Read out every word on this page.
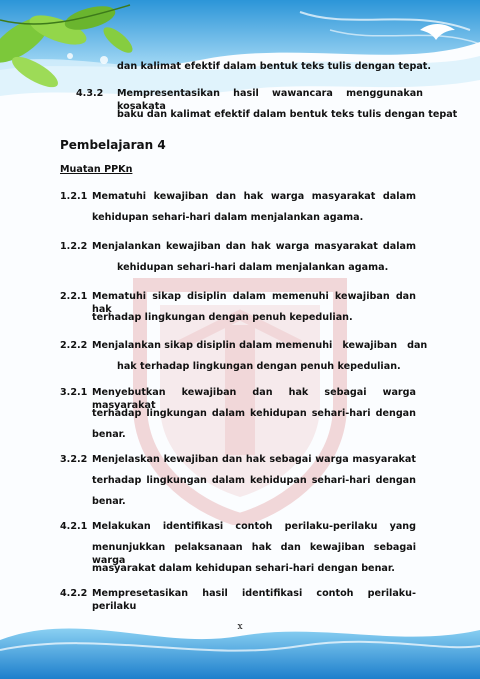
dan kalimat efektif dalam bentuk teks tulis dengan tepat.
4.3.2 Mempresentasikan hasil wawancara menggunakan kosakata
baku dan kalimat efektif dalam bentuk teks tulis dengan tepat
Pembelajaran 4
Muatan PPKn
1.2.1 Mematuhi kewajiban dan hak warga masyarakat dalam
kehidupan sehari-hari dalam menjalankan agama.
1.2.2 Menjalankan kewajiban dan hak warga masyarakat dalam
kehidupan sehari-hari dalam menjalankan agama.
2.2.1 Mematuhi sikap disiplin dalam memenuhi kewajiban dan hak
terhadap lingkungan dengan penuh kepedulian.
2.2.2 Menjalankan sikap disiplin dalam memenuhi   kewajiban   dan
hak terhadap lingkungan dengan penuh kepedulian.
3.2.1 Menyebutkan kewajiban dan hak sebagai warga masyarakat
terhadap lingkungan dalam kehidupan sehari-hari dengan
benar.
3.2.2 Menjelaskan kewajiban dan hak sebagai warga masyarakat
terhadap lingkungan dalam kehidupan sehari-hari dengan
benar.
4.2.1 Melakukan identifikasi contoh perilaku-perilaku yang
menunjukkan pelaksanaan hak dan kewajiban sebagai warga
masyarakat dalam kehidupan sehari-hari dengan benar.
4.2.2 Mempresetasikan hasil identifikasi contoh perilaku-perilaku
x
